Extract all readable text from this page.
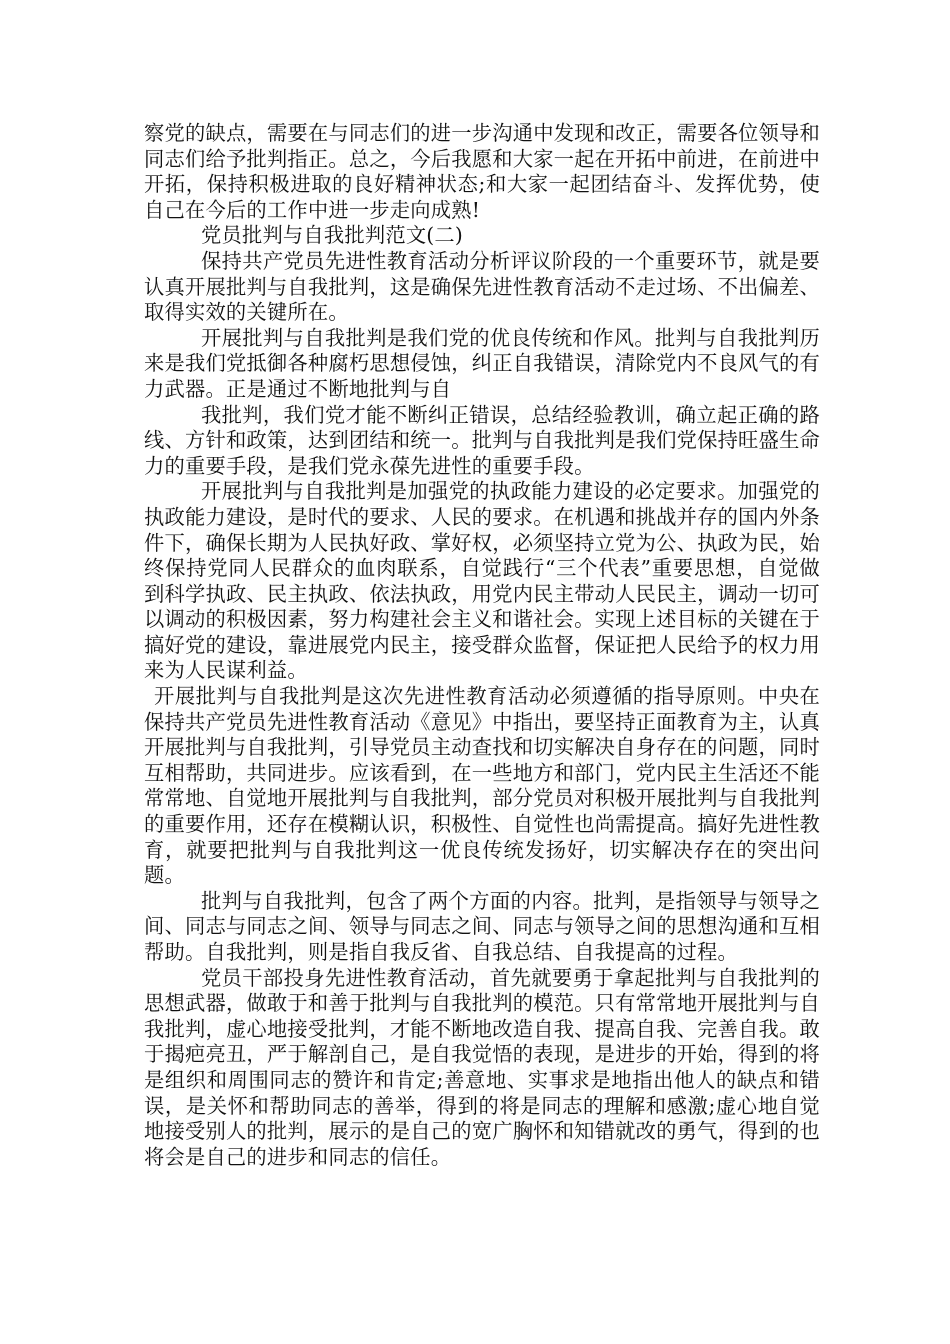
察党的缺点，需要在与同志们的进一步沟通中发现和改正，需要各位领导和同志们给予批判指正。总之，今后我愿和大家一起在开拓中前进，在前进中开拓，保持积极进取的良好精神状态;和大家一起团结奋斗、发挥优势，使自己在今后的工作中进一步走向成熟!

党员批判与自我批判范文(二)

保持共产党员先进性教育活动分析评议阶段的一个重要环节，就是要认真开展批判与自我批判，这是确保先进性教育活动不走过场、不出偏差、取得实效的关键所在。

开展批判与自我批判是我们党的优良传统和作风。批判与自我批判历来是我们党抵御各种腐朽思想侵蚀，纠正自我错误，清除党内不良风气的有力武器。正是通过不断地批判与自

我批判，我们党才能不断纠正错误，总结经验教训，确立起正确的路线、方针和政策，达到团结和统一。批判与自我批判是我们党保持旺盛生命力的重要手段，是我们党永葆先进性的重要手段。

开展批判与自我批判是加强党的执政能力建设的必定要求。加强党的执政能力建设，是时代的要求、人民的要求。在机遇和挑战并存的国内外条件下，确保长期为人民执好政、掌好权，必须坚持立党为公、执政为民，始终保持党同人民群众的血肉联系，自觉践行“三个代表”重要思想，自觉做到科学执政、民主执政、依法执政，用党内民主带动人民民主，调动一切可以调动的积极因素，努力构建社会主义和谐社会。实现上述目标的关键在于搞好党的建设，靠进展党内民主，接受群众监督，保证把人民给予的权力用来为人民谋利益。

开展批判与自我批判是这次先进性教育活动必须遵循的指导原则。中央在保持共产党员先进性教育活动《意见》中指出，要坚持正面教育为主，认真开展批判与自我批判，引导党员主动查找和切实解决自身存在的问题，同时互相帮助，共同进步。应该看到，在一些地方和部门，党内民主生活还不能常常地、自觉地开展批判与自我批判，部分党员对积极开展批判与自我批判的重要作用，还存在模糊认识，积极性、自觉性也尚需提高。搞好先进性教育，就要把批判与自我批判这一优良传统发扬好，切实解决存在的突出问题。

批判与自我批判，包含了两个方面的内容。批判，是指领导与领导之间、同志与同志之间、领导与同志之间、同志与领导之间的思想沟通和互相帮助。自我批判，则是指自我反省、自我总结、自我提高的过程。

党员干部投身先进性教育活动，首先就要勇于拿起批判与自我批判的思想武器，做敢于和善于批判与自我批判的模范。只有常常地开展批判与自我批判，虚心地接受批判，才能不断地改造自我、提高自我、完善自我。敢于揭疤亮丑，严于解剖自己，是自我觉悟的表现，是进步的开始，得到的将是组织和周围同志的赞许和肯定;善意地、实事求是地指出他人的缺点和错误，是关怀和帮助同志的善举，得到的将是同志的理解和感激;虚心地自觉地接受别人的批判，展示的是自己的宽广胸怀和知错就改的勇气，得到的也将会是自己的进步和同志的信任。
